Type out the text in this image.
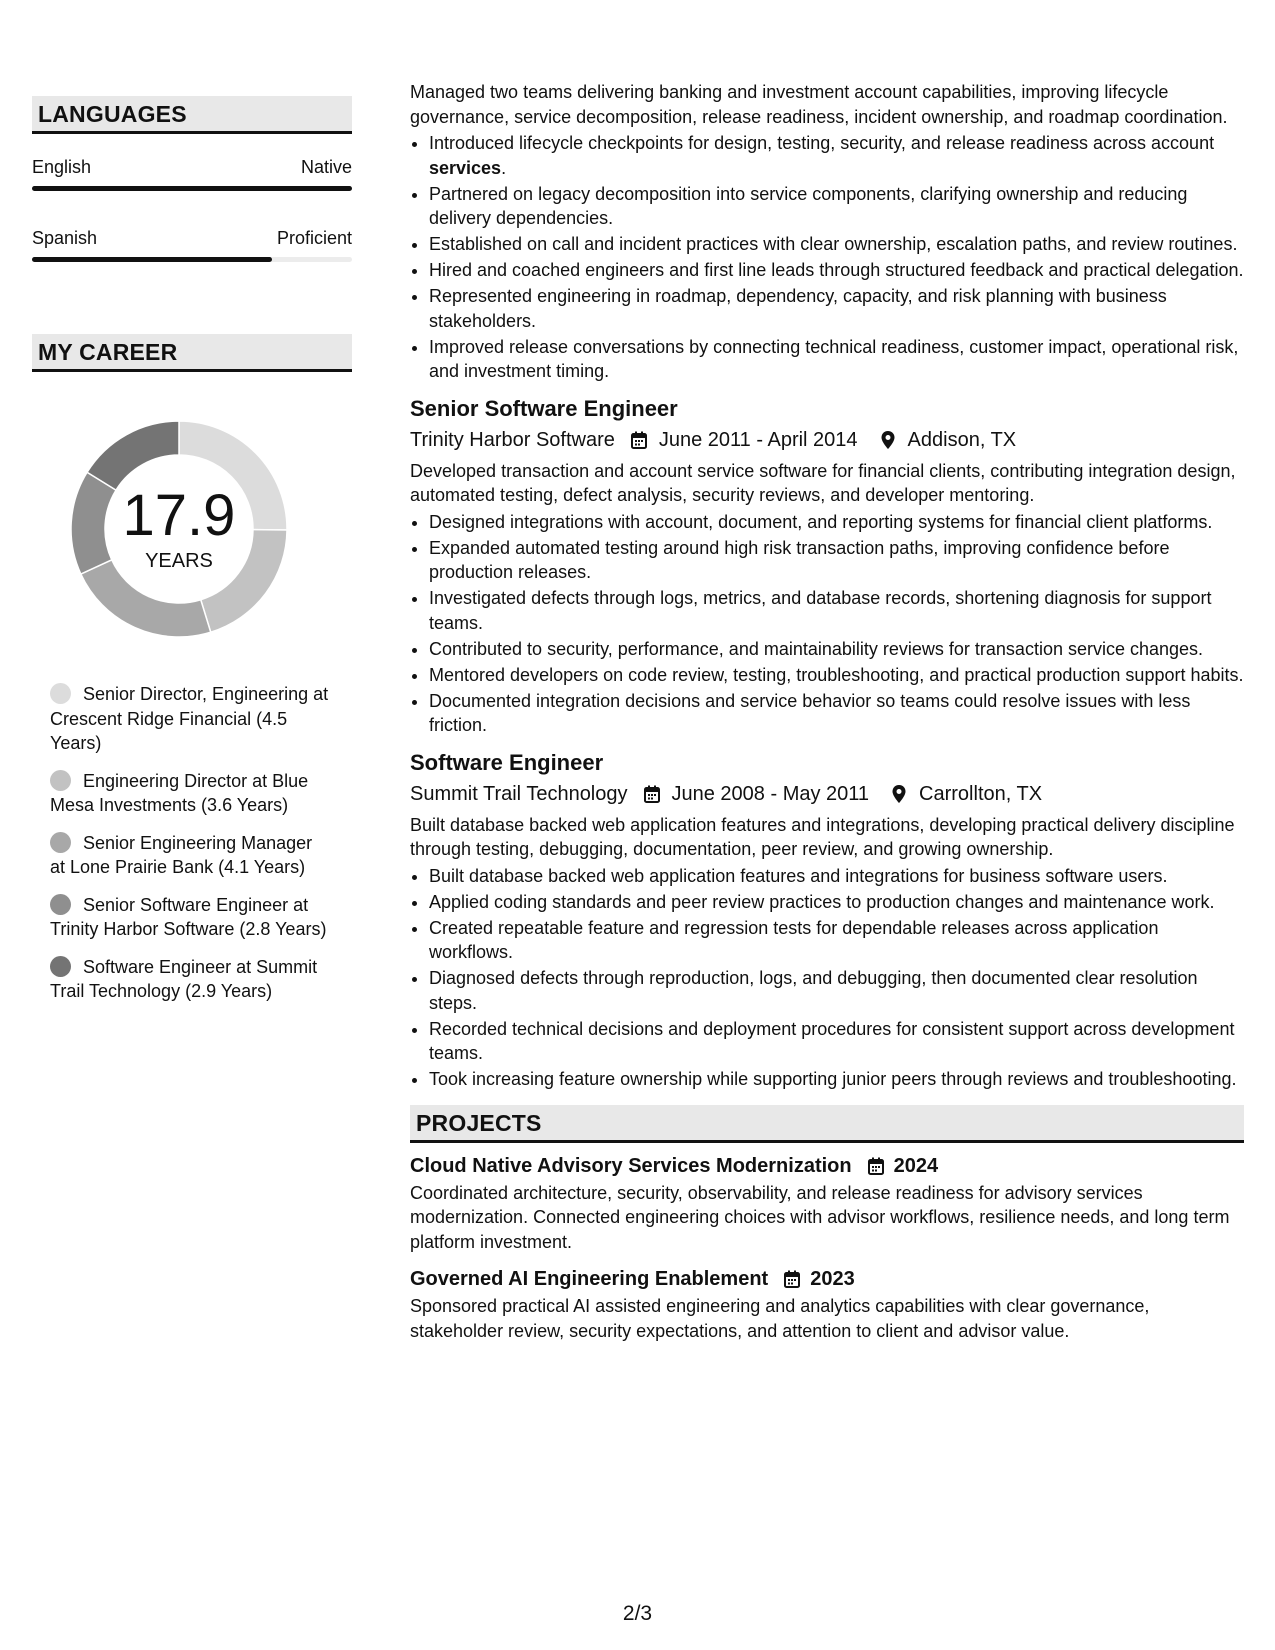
LANGUAGES
English	Native
Spanish	Proficient
MY CAREER
17.9
YEARS
Senior Director, Engineering at Crescent Ridge Financial (4.5 Years)
Engineering Director at Blue Mesa Investments (3.6 Years)
Senior Engineering Manager at Lone Prairie Bank (4.1 Years)
Senior Software Engineer at Trinity Harbor Software (2.8 Years)
Software Engineer at Summit Trail Technology (2.9 Years)

Managed two teams delivering banking and investment account capabilities, improving lifecycle governance, service decomposition, release readiness, incident ownership, and roadmap coordination.

• Introduced lifecycle checkpoints for design, testing, security, and release readiness across account services.
• Partnered on legacy decomposition into service components, clarifying ownership and reducing delivery dependencies.
• Established on call and incident practices with clear ownership, escalation paths, and review routines.
• Hired and coached engineers and first line leads through structured feedback and practical delegation.
• Represented engineering in roadmap, dependency, capacity, and risk planning with business stakeholders.
• Improved release conversations by connecting technical readiness, customer impact, operational risk, and investment timing.
Senior Software Engineer
Trinity Harbor Software June 2011 - April 2014	Addison, TX

Developed transaction and account service software for financial clients, contributing integration design, automated testing, defect analysis, security reviews, and developer mentoring.

• Designed integrations with account, document, and reporting systems for financial client platforms.
• Expanded automated testing around high risk transaction paths, improving confidence before production releases.
• Investigated defects through logs, metrics, and database records, shortening diagnosis for support teams.
• Contributed to security, performance, and maintainability reviews for transaction service changes.
• Mentored developers on code review, testing, troubleshooting, and practical production support habits.
• Documented integration decisions and service behavior so teams could resolve issues with less friction.
Software Engineer
Summit Trail Technology June 2008 - May 2011	Carrollton, TX

Built database backed web application features and integrations, developing practical delivery discipline through testing, debugging, documentation, peer review, and growing ownership.

• Built database backed web application features and integrations for business software users.
• Applied coding standards and peer review practices to production changes and maintenance work.
• Created repeatable feature and regression tests for dependable releases across application workflows.
• Diagnosed defects through reproduction, logs, and debugging, then documented clear resolution steps.
• Recorded technical decisions and deployment procedures for consistent support across development teams.
• Took increasing feature ownership while supporting junior peers through reviews and troubleshooting.
PROJECTS
Cloud Native Advisory Services Modernization 2024

Coordinated architecture, security, observability, and release readiness for advisory services modernization. Connected engineering choices with advisor workflows, resilience needs, and long term platform investment.

Governed AI Engineering Enablement 2023

Sponsored practical AI assisted engineering and analytics capabilities with clear governance, stakeholder review, security expectations, and attention to client and advisor value.

2/3
